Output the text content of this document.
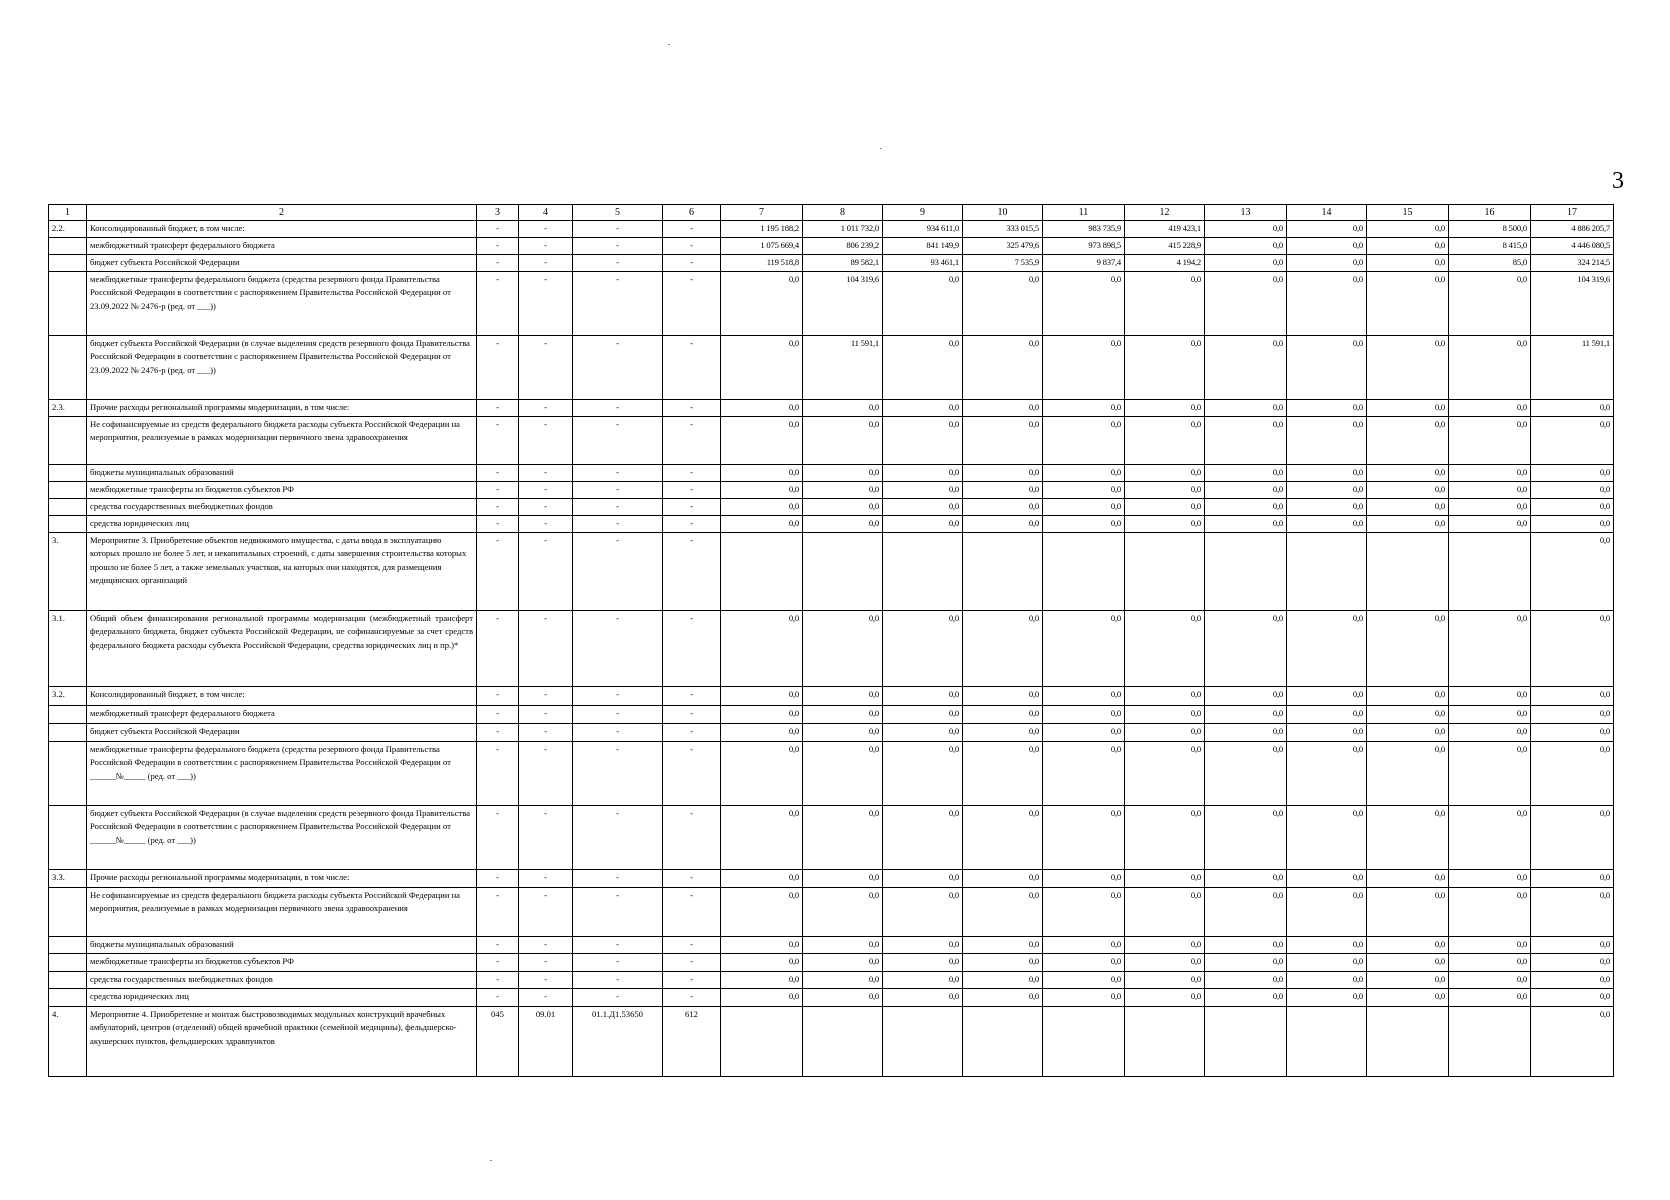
3
1	2	3	4	5	6	7	8	9	10	11	12	13	14	15	16	17
2.2.	Консолидированный бюджет, в том числе:	-	-	-	-	1 195 188,2	1 011 732,0	934 611,0	333 015,5	983 735,9	419 423,1	0,0	0,0	0,0	8 500,0	4 886 205,7
	межбюджетный трансферт федерального бюджета	-	-	-	-	1 075 669,4	806 239,2	841 149,9	325 479,6	973 898,5	415 228,9	0,0	0,0	0,0	8 415,0	4 446 080,5
	бюджет субъекта Российской Федерации	-	-	-	-	119 518,8	89 582,1	93 461,1	7 535,9	9 837,4	4 194,2	0,0	0,0	0,0	85,0	324 214,5
	межбюджетные трансферты федерального бюджета (средства резервного фонда Правительства Российской Федерации в соответствии с распоряжением Правительства Российской Федерации от 23.09.2022 № 2476-р (ред. от ___))	-	-	-	-	0,0	104 319,6	0,0	0,0	0,0	0,0	0,0	0,0	0,0	0,0	104 319,6
	бюджет субъекта Российской Федерации (в случае выделения средств резервного фонда Правительства Российской Федерации в соответствии с распоряжением Правительства Российской Федерации от 23.09.2022 № 2476-р (ред. от ___))	-	-	-	-	0,0	11 591,1	0,0	0,0	0,0	0,0	0,0	0,0	0,0	0,0	11 591,1
2.3.	Прочие расходы региональной программы модернизации, в том числе:	-	-	-	-	0,0	0,0	0,0	0,0	0,0	0,0	0,0	0,0	0,0	0,0	0,0
	Не софинансируемые из средств федерального бюджета расходы субъекта Российской Федерации на мероприятия, реализуемые в рамках модернизации первичного звена здравоохранения	-	-	-	-	0,0	0,0	0,0	0,0	0,0	0,0	0,0	0,0	0,0	0,0	0,0
	бюджеты муниципальных образований	-	-	-	-	0,0	0,0	0,0	0,0	0,0	0,0	0,0	0,0	0,0	0,0	0,0
	межбюджетные трансферты из бюджетов субъектов РФ	-	-	-	-	0,0	0,0	0,0	0,0	0,0	0,0	0,0	0,0	0,0	0,0	0,0
	средства государственных внебюджетных фондов	-	-	-	-	0,0	0,0	0,0	0,0	0,0	0,0	0,0	0,0	0,0	0,0	0,0
	средства юридических лиц	-	-	-	-	0,0	0,0	0,0	0,0	0,0	0,0	0,0	0,0	0,0	0,0	0,0
3.	Мероприятие 3. Приобретение объектов недвижимого имущества, с даты ввода в эксплуатацию которых прошло не более 5 лет, и некапитальных строений, с даты завершения строительства которых прошло не более 5 лет, а также земельных участков, на которых они находятся, для размещения медицинских организаций	-	-	-	-											0,0
3.1.	Общий объем финансирования региональной программы модернизации (межбюджетный трансферт федерального бюджета, бюджет субъекта Российской Федерации, не софинансируемые за счет средств федерального бюджета расходы субъекта Российской Федерации, средства юридических лиц и пр.)*	-	-	-	-	0,0	0,0	0,0	0,0	0,0	0,0	0,0	0,0	0,0	0,0	0,0
3.2.	Консолидированный бюджет, в том числе:	-	-	-	-	0,0	0,0	0,0	0,0	0,0	0,0	0,0	0,0	0,0	0,0	0,0
	межбюджетный трансферт федерального бюджета	-	-	-	-	0,0	0,0	0,0	0,0	0,0	0,0	0,0	0,0	0,0	0,0	0,0
	бюджет субъекта Российской Федерации	-	-	-	-	0,0	0,0	0,0	0,0	0,0	0,0	0,0	0,0	0,0	0,0	0,0
	межбюджетные трансферты федерального бюджета (средства резервного фонда Правительства Российской Федерации в соответствии с распоряжением Правительства Российской Федерации от ______№_____ (ред. от ___))	-	-	-	-	0,0	0,0	0,0	0,0	0,0	0,0	0,0	0,0	0,0	0,0	0,0
	бюджет субъекта Российской Федерации (в случае выделения средств резервного фонда Правительства Российской Федерации в соответствии с распоряжением Правительства Российской Федерации от ______№_____ (ред. от ___))	-	-	-	-	0,0	0,0	0,0	0,0	0,0	0,0	0,0	0,0	0,0	0,0	0,0
3.3.	Прочие расходы региональной программы модернизации, в том числе:	-	-	-	-	0,0	0,0	0,0	0,0	0,0	0,0	0,0	0,0	0,0	0,0	0,0
	Не софинансируемые из средств федерального бюджета расходы субъекта Российской Федерации на мероприятия, реализуемые в рамках модернизации первичного звена здравоохранения	-	-	-	-	0,0	0,0	0,0	0,0	0,0	0,0	0,0	0,0	0,0	0,0	0,0
	бюджеты муниципальных образований	-	-	-	-	0,0	0,0	0,0	0,0	0,0	0,0	0,0	0,0	0,0	0,0	0,0
	межбюджетные трансферты из бюджетов субъектов РФ	-	-	-	-	0,0	0,0	0,0	0,0	0,0	0,0	0,0	0,0	0,0	0,0	0,0
	средства государственных внебюджетных фондов	-	-	-	-	0,0	0,0	0,0	0,0	0,0	0,0	0,0	0,0	0,0	0,0	0,0
	средства юридических лиц	-	-	-	-	0,0	0,0	0,0	0,0	0,0	0,0	0,0	0,0	0,0	0,0	0,0
4.	Мероприятие 4. Приобретение и монтаж быстровозводимых модульных конструкций врачебных амбулаторий, центров (отделений) общей врачебной практики (семейной медицины), фельдшерско-акушерских пунктов, фельдшерских здравпунктов	045	09.01	01.1.Д1.53650	612											0,0
